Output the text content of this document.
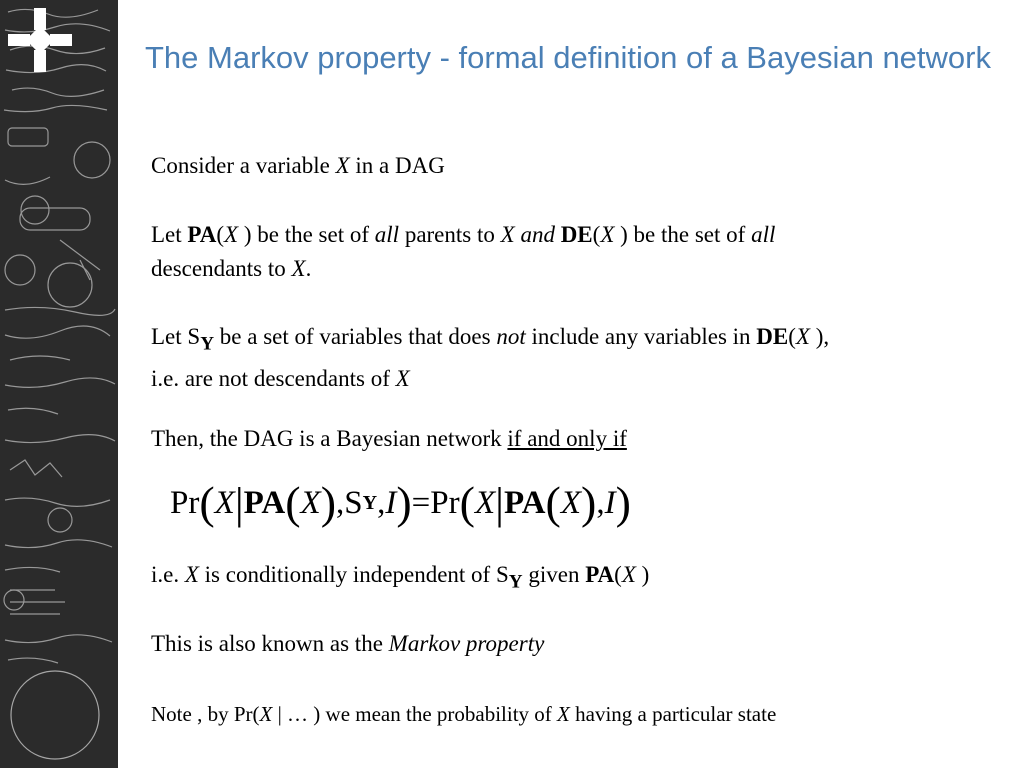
The Markov property - formal definition of a Bayesian network
Consider a variable X in a DAG
Let PA(X ) be the set of all parents to X and DE(X ) be the set of all
descendants to X.
Let $S_Y$ be a set of variables that does not include any variables in DE(X ),
i.e. are not descendants of X
Then, the DAG is a Bayesian network if and only if
Pr ( X | PA ( X ) , S Y , I ) = Pr ( X | PA ( X ) , I )
i.e. X is conditionally independent of $S_Y$ given PA(X )
This is also known as the Markov property
Note , by Pr(X | … ) we mean the probability of X having a particular state
